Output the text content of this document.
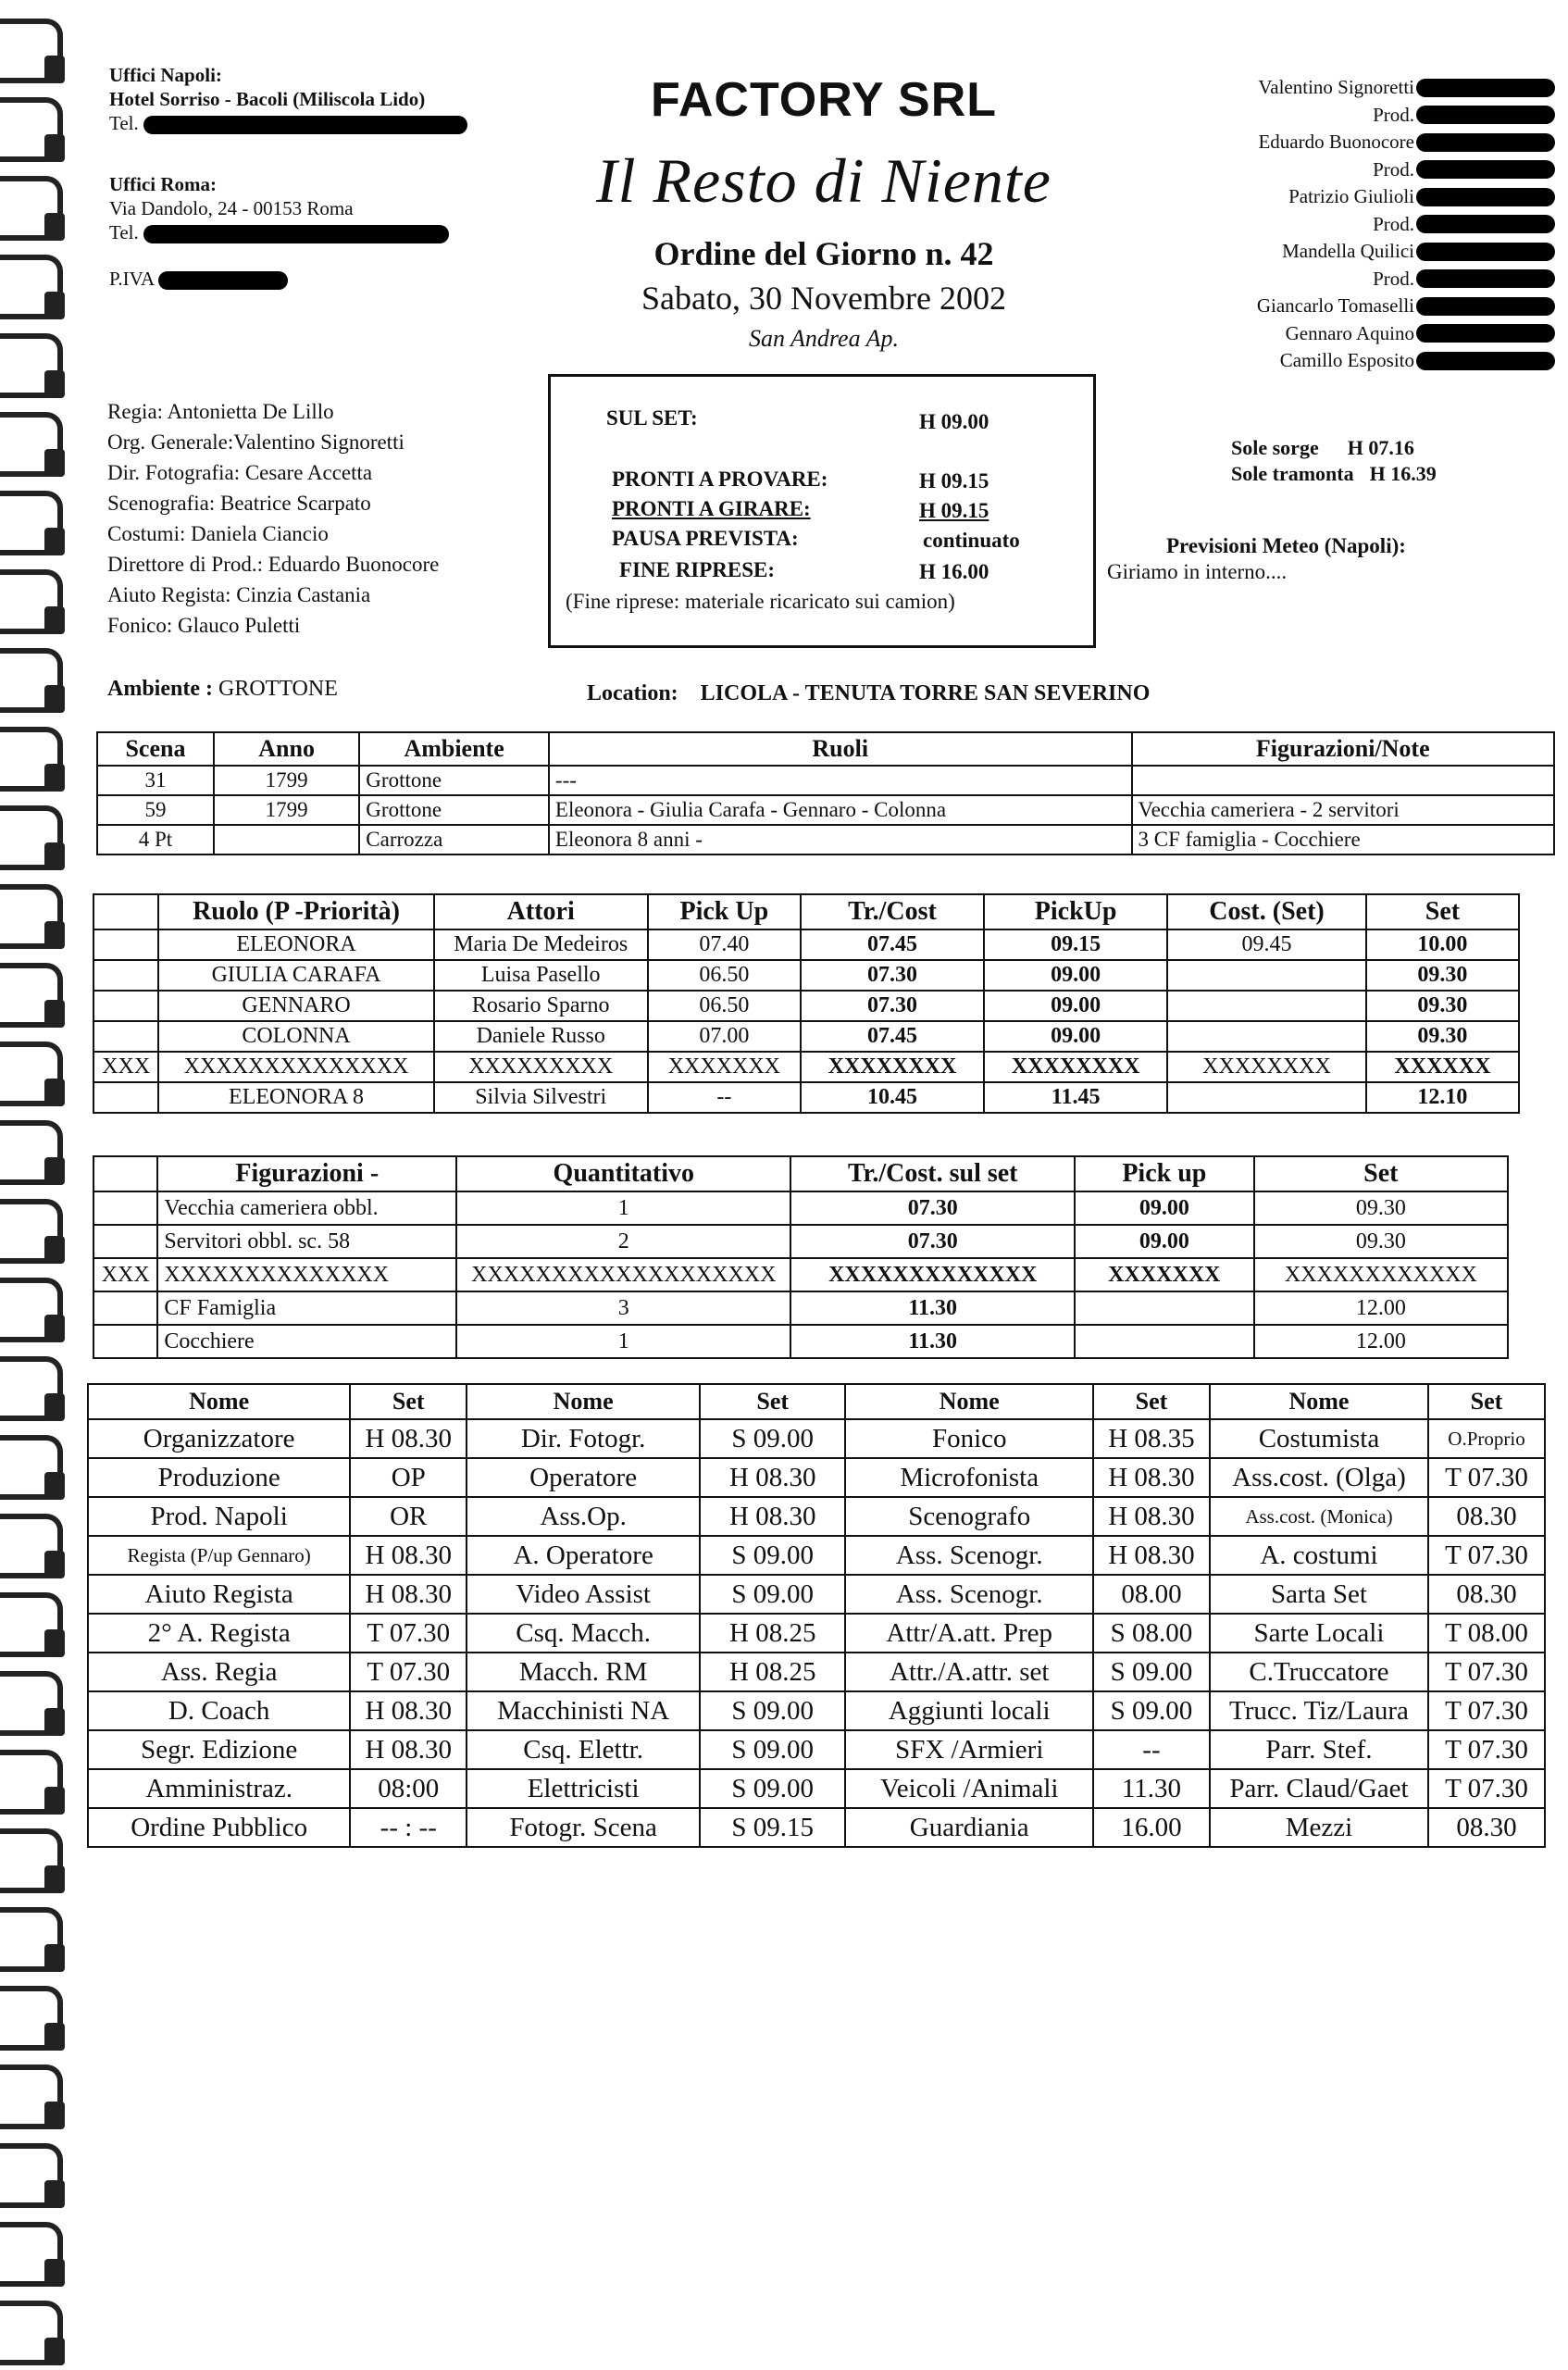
Uffici Napoli:
Hotel Sorriso - Bacoli (Miliscola Lido)
Tel.
Uffici Roma:
Via Dandolo, 24 - 00153 Roma
Tel.
P.IVA
FACTORY SRL
Il Resto di Niente
Ordine del Giorno n. 42
Sabato, 30 Novembre 2002
San Andrea Ap.
Valentino Signoretti
Prod.
Eduardo Buonocore
Prod.
Patrizio Giulioli
Prod.
Mandella Quilici
Prod.
Giancarlo Tomaselli
Gennaro Aquino
Camillo Esposito
Regia: Antonietta De Lillo
Org. Generale:Valentino Signoretti
Dir. Fotografia: Cesare Accetta
Scenografia: Beatrice Scarpato
Costumi: Daniela Ciancio
Direttore di Prod.: Eduardo Buonocore
Aiuto Regista: Cinzia Castania
Fonico: Glauco Puletti
SUL SET:	H 09.00
PRONTI A PROVARE:	H 09.15
PRONTI A GIRARE:	H 09.15
PAUSA PREVISTA:	continuato
FINE RIPRESE:	H 16.00
(Fine riprese: materiale ricaricato sui camion)
Sole sorge H 07.16
Sole tramonta H 16.39
Previsioni Meteo (Napoli):
Giriamo in interno....
Ambiente : GROTTONE	Location: LICOLA - TENUTA TORRE SAN SEVERINO
Scena	Anno	Ambiente	Ruoli	Figurazioni/Note
31	1799	Grottone	---	
59	1799	Grottone	Eleonora - Giulia Carafa - Gennaro - Colonna	Vecchia cameriera - 2 servitori
4 Pt		Carrozza	Eleonora 8 anni -	3 CF famiglia - Cocchiere
	Ruolo (P -Priorità)	Attori	Pick Up	Tr./Cost	PickUp	Cost. (Set)	Set
	ELEONORA	Maria De Medeiros	07.40	07.45	09.15	09.45	10.00
	GIULIA CARAFA	Luisa Pasello	06.50	07.30	09.00		09.30
	GENNARO	Rosario Sparno	06.50	07.30	09.00		09.30
	COLONNA	Daniele Russo	07.00	07.45	09.00		09.30
XXX	XXXXXXXXXXXXXX	XXXXXXXXX	XXXXXXX	XXXXXXXX	XXXXXXXX	XXXXXXXX	XXXXXX
	ELEONORA 8	Silvia Silvestri	--	10.45	11.45		12.10
	Figurazioni -	Quantitativo	Tr./Cost. sul set	Pick up	Set
	Vecchia cameriera obbl.	1	07.30	09.00	09.30
	Servitori obbl. sc. 58	2	07.30	09.00	09.30
XXX	XXXXXXXXXXXXXX	XXXXXXXXXXXXXXXXXXX	XXXXXXXXXXXXX	XXXXXXX	XXXXXXXXXXXX
	CF Famiglia	3	11.30		12.00
	Cocchiere	1	11.30		12.00
Nome	Set	Nome	Set	Nome	Set	Nome	Set
Organizzatore	H 08.30	Dir. Fotogr.	S 09.00	Fonico	H 08.35	Costumista	O.Proprio
Produzione	OP	Operatore	H 08.30	Microfonista	H 08.30	Ass.cost. (Olga)	T 07.30
Prod. Napoli	OR	Ass.Op.	H 08.30	Scenografo	H 08.30	Ass.cost. (Monica)	08.30
Regista (P/up Gennaro)	H 08.30	A. Operatore	S 09.00	Ass. Scenogr.	H 08.30	A. costumi	T 07.30
Aiuto Regista	H 08.30	Video Assist	S 09.00	Ass. Scenogr.	08.00	Sarta Set	08.30
2° A. Regista	T 07.30	Csq. Macch.	H 08.25	Attr/A.att. Prep	S 08.00	Sarte Locali	T 08.00
Ass. Regia	T 07.30	Macch. RM	H 08.25	Attr./A.attr. set	S 09.00	C.Truccatore	T 07.30
D. Coach	H 08.30	Macchinisti NA	S 09.00	Aggiunti locali	S 09.00	Trucc. Tiz/Laura	T 07.30
Segr. Edizione	H 08.30	Csq. Elettr.	S 09.00	SFX /Armieri	--	Parr. Stef.	T 07.30
Amministraz.	08:00	Elettricisti	S 09.00	Veicoli /Animali	11.30	Parr. Claud/Gaet	T 07.30
Ordine Pubblico	-- : --	Fotogr. Scena	S 09.15	Guardiania	16.00	Mezzi	08.30
